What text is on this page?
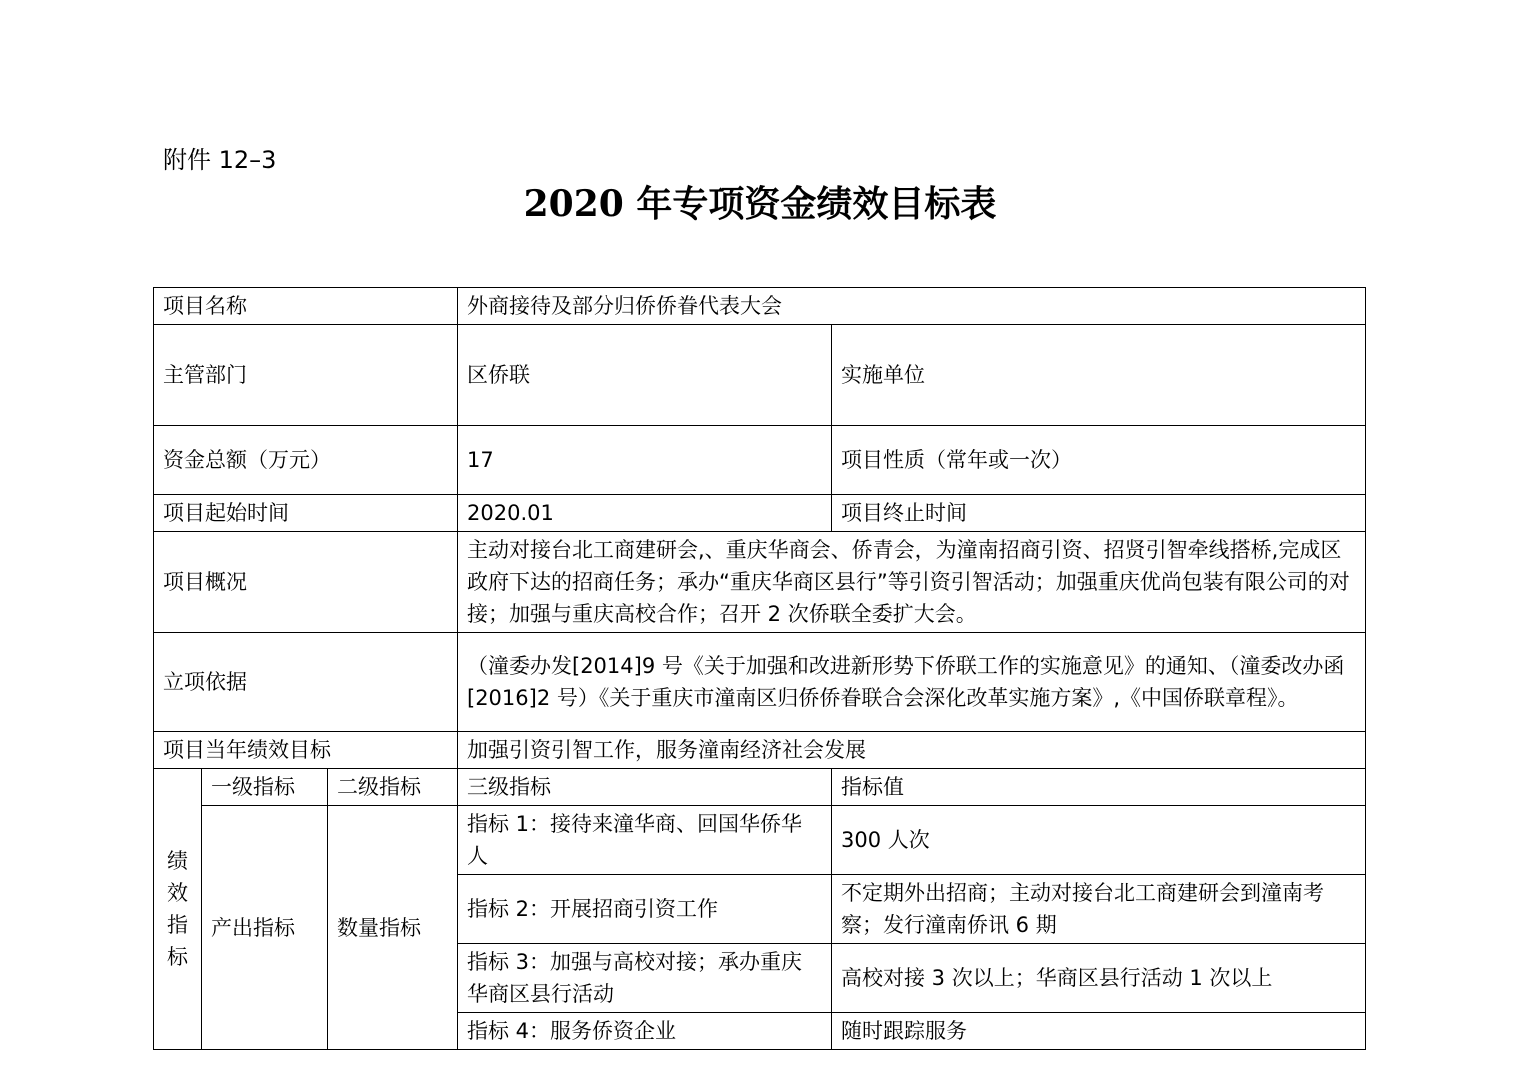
附件 12–3
2020 年专项资金绩效目标表
项目名称			外商接待及部分归侨侨眷代表大会		
主管部门			区侨联	实施单位	
资金总额（万元）			17	项目性质（常年或一次）	
项目起始时间			2020.01	项目终止时间	
项目概况			主动对接台北工商建研会,、重庆华商会、侨青会，为潼南招商引资、招贤引智牵线搭桥,完成区政府下达的招商任务；承办“重庆华商区县行”等引资引智活动；加强重庆优尚包装有限公司的对接；加强与重庆高校合作；召开 2 次侨联全委扩大会。		
立项依据			（潼委办发[2014]9 号《关于加强和改进新形势下侨联工作的实施意见》的通知、（潼委改办函[2016]2 号）《关于重庆市潼南区归侨侨眷联合会深化改革实施方案》,《中国侨联章程》。		
项目当年绩效目标			加强引资引智工作，服务潼南经济社会发展		

绩
效
指
标	一级指标	二级指标	三级指标	指标值	
	产出指标	数量指标	指标 1：接待来潼华商、回国华侨华人	300 人次	
			指标 2：开展招商引资工作	不定期外出招商；主动对接台北工商建研会到潼南考察；发行潼南侨讯 6 期	
			指标 3：加强与高校对接；承办重庆华商区县行活动	高校对接 3 次以上；华商区县行活动 1 次以上	
			指标 4：服务侨资企业	随时跟踪服务	
